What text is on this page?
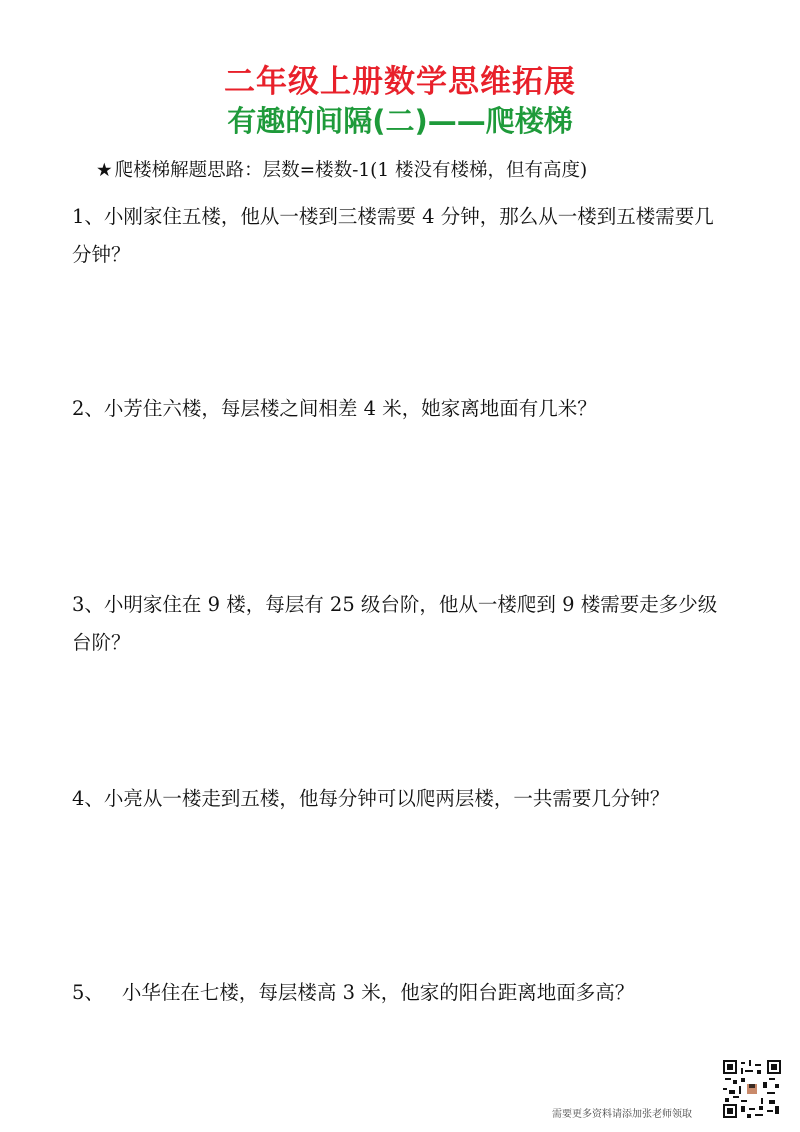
二年级上册数学思维拓展
有趣的间隔(二)——爬楼梯
★ 爬楼梯解题思路：层数=楼数-1(1 楼没有楼梯，但有高度)
1、小刚家住五楼，他从一楼到三楼需要 4 分钟，那么从一楼到五楼需要几分钟？
2、小芳住六楼，每层楼之间相差 4 米，她家离地面有几米？
3、小明家住在 9 楼，每层有 25 级台阶，他从一楼爬到 9 楼需要走多少级台阶？
4、小亮从一楼走到五楼，他每分钟可以爬两层楼，一共需要几分钟？
5、 小华住在七楼，每层楼高 3 米，他家的阳台距离地面多高？
需要更多资料请添加张老师领取
